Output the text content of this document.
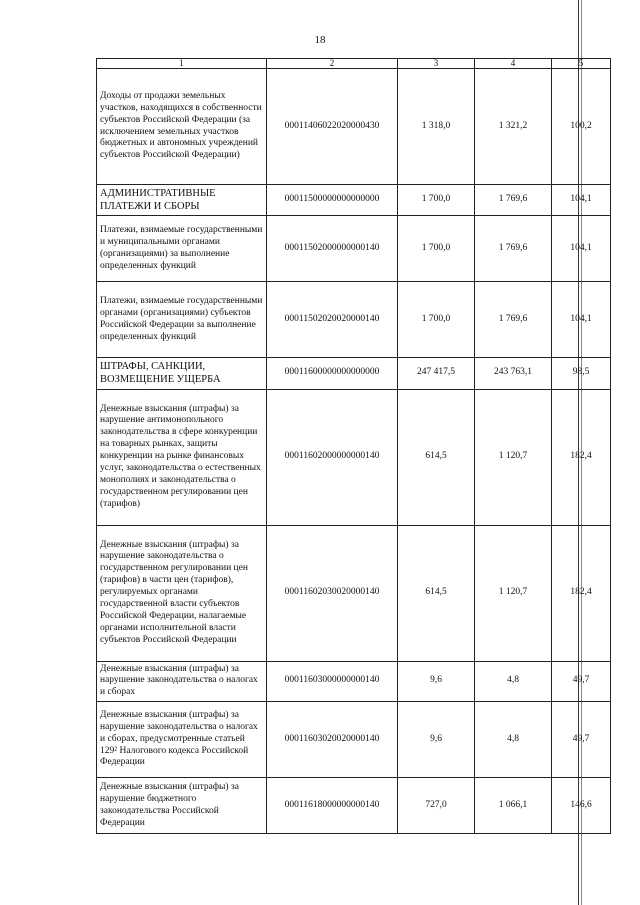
18
1	2	3	4	5
Доходы от продажи земельных участков, находящихся в собственности субъектов Российской Федерации (за исключением земельных участков бюджетных и автономных учреждений субъектов Российской Федерации)	00011406022020000430	1 318,0	1 321,2	100,2
АДМИНИСТРАТИВНЫЕ ПЛАТЕЖИ И СБОРЫ	00011500000000000000	1 700,0	1 769,6	104,1
Платежи, взимаемые государственными и муниципальными органами (организациями) за выполнение определенных функций	00011502000000000140	1 700,0	1 769,6	104,1
Платежи, взимаемые государственными органами (организациями) субъектов Российской Федерации за выполнение определенных функций	00011502020020000140	1 700,0	1 769,6	104,1
ШТРАФЫ, САНКЦИИ, ВОЗМЕЩЕНИЕ УЩЕРБА	00011600000000000000	247 417,5	243 763,1	98,5
Денежные взыскания (штрафы) за нарушение антимонопольного законодательства в сфере конкуренции на товарных рынках, защиты конкуренции на рынке финансовых услуг, законодательства о естественных монополиях и законодательства о государственном регулировании цен (тарифов)	00011602000000000140	614,5	1 120,7	182,4
Денежные взыскания (штрафы) за нарушение законодательства о государственном регулировании цен (тарифов) в части цен (тарифов), регулируемых органами государственной власти субъектов Российской Федерации, налагаемые органами исполнительной власти субъектов Российской Федерации	00011602030020000140	614,5	1 120,7	182,4
Денежные взыскания (штрафы) за нарушение законодательства о налогах и сборах	00011603000000000140	9,6	4,8	49,7
Денежные взыскания (штрафы) за нарушение законодательства о налогах и сборах, предусмотренные статьей 129² Налогового кодекса Российской Федерации	00011603020020000140	9,6	4,8	49,7
Денежные взыскания (штрафы) за нарушение бюджетного законодательства Российской Федерации	00011618000000000140	727,0	1 066,1	146,6
